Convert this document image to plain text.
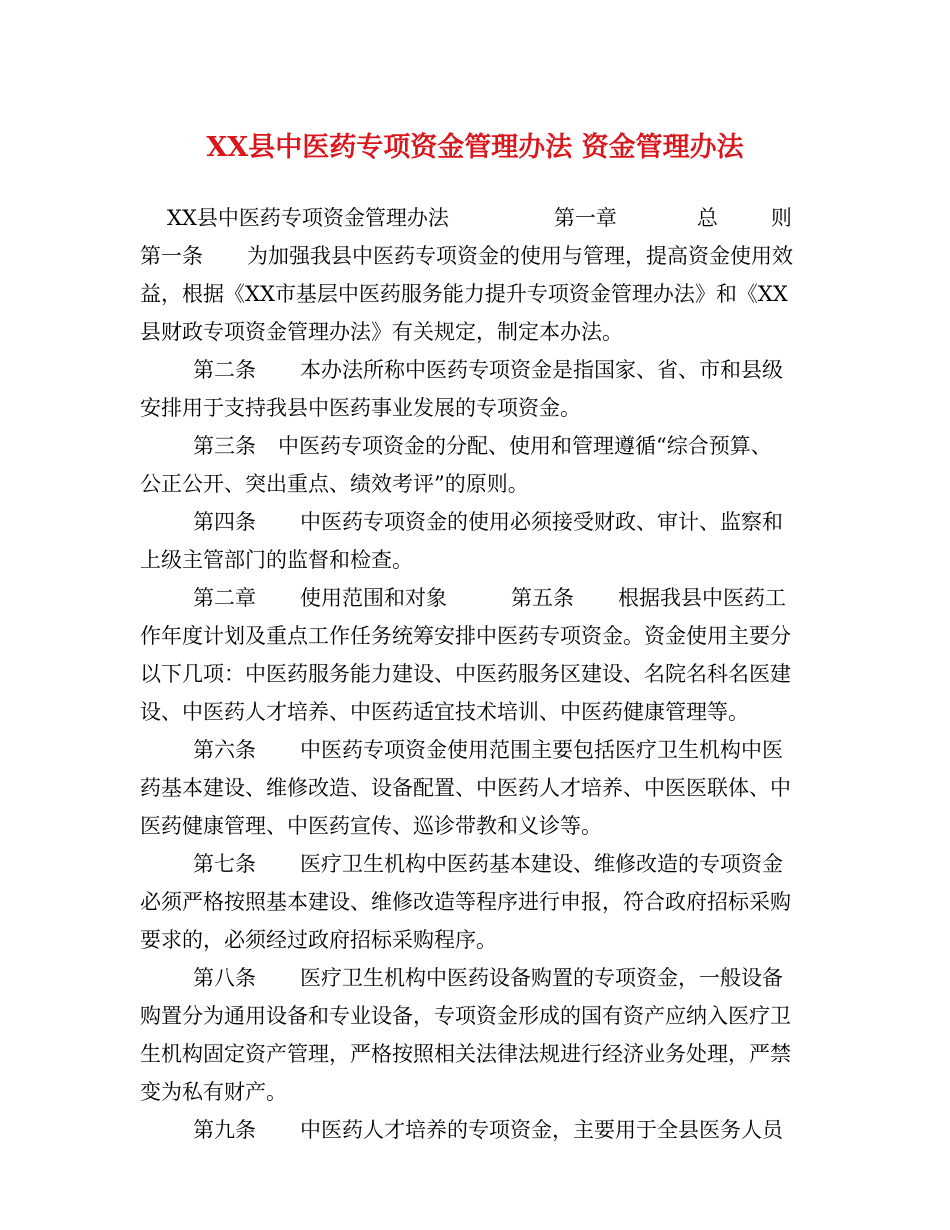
XX县中医药专项资金管理办法 资金管理办法
XX县中医药专项资金管理办法	第一章	总	则
第一条 为加强我县中医药专项资金的使用与管理，提高资金使用效
益，根据《XX市基层中医药服务能力提升专项资金管理办法》和《XX
县财政专项资金管理办法》有关规定，制定本办法。
第二条 本办法所称中医药专项资金是指国家、省、市和县级
安排用于支持我县中医药事业发展的专项资金。
第三条 中医药专项资金的分配、使用和管理遵循“综合预算、
公正公开、突出重点、绩效考评”的原则。
第四条 中医药专项资金的使用必须接受财政、审计、监察和
上级主管部门的监督和检查。
第二章 使用范围和对象	第五条 根据我县中医药工
作年度计划及重点工作任务统筹安排中医药专项资金。资金使用主要分
以下几项：中医药服务能力建设、中医药服务区建设、名院名科名医建
设、中医药人才培养、中医药适宜技术培训、中医药健康管理等。
第六条 中医药专项资金使用范围主要包括医疗卫生机构中医
药基本建设、维修改造、设备配置、中医药人才培养、中医医联体、中
医药健康管理、中医药宣传、巡诊带教和义诊等。
第七条 医疗卫生机构中医药基本建设、维修改造的专项资金
必须严格按照基本建设、维修改造等程序进行申报，符合政府招标采购
要求的，必须经过政府招标采购程序。
第八条 医疗卫生机构中医药设备购置的专项资金，一般设备
购置分为通用设备和专业设备，专项资金形成的国有资产应纳入医疗卫
生机构固定资产管理，严格按照相关法律法规进行经济业务处理，严禁
变为私有财产。
第九条 中医药人才培养的专项资金，主要用于全县医务人员
